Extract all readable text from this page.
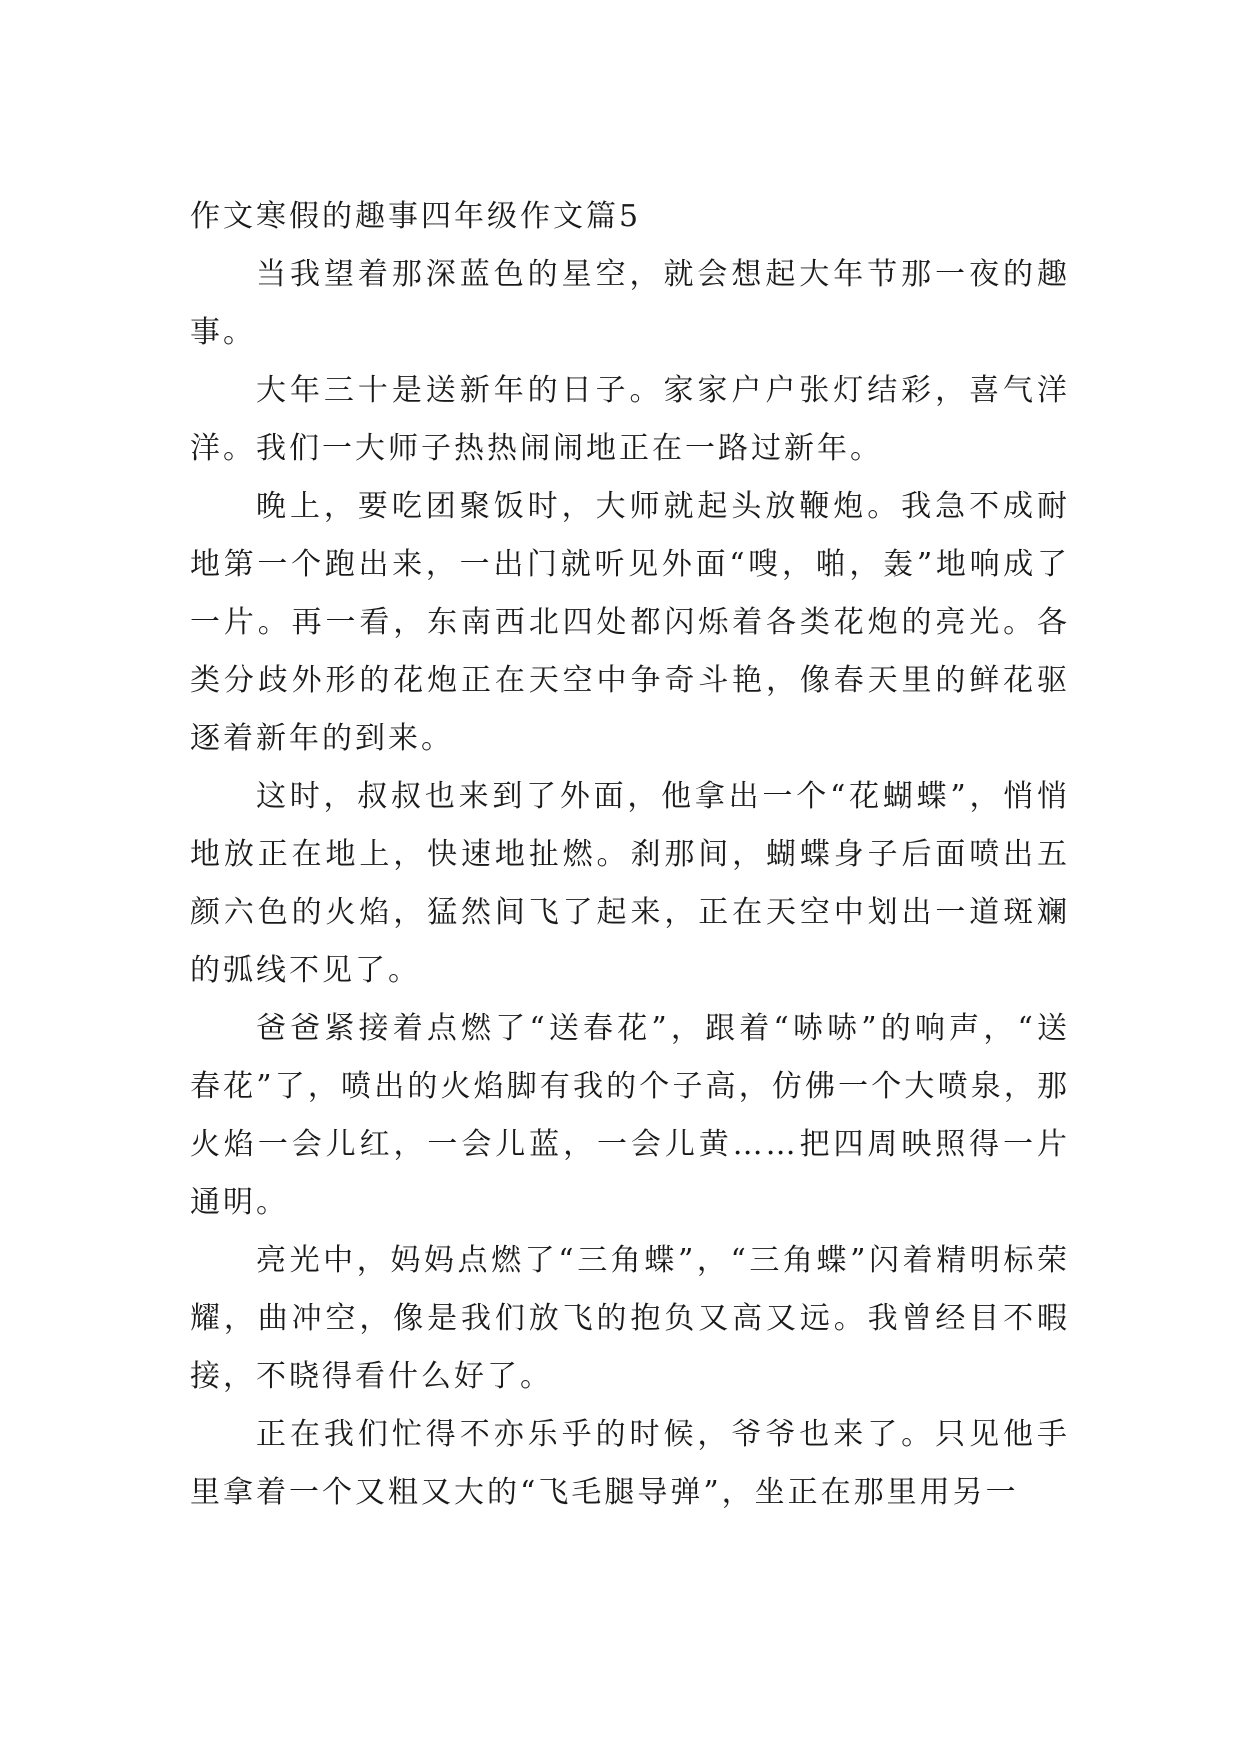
作文寒假的趣事四年级作文篇5

当我望着那深蓝色的星空，就会想起大年节那一夜的趣事。

大年三十是送新年的日子。家家户户张灯结彩，喜气洋洋。我们一大师子热热闹闹地正在一路过新年。

晚上，要吃团聚饭时，大师就起头放鞭炮。我急不成耐地第一个跑出来，一出门就听见外面“嗖，啪，轰”地响成了一片。再一看，东南西北四处都闪烁着各类花炮的亮光。各类分歧外形的花炮正在天空中争奇斗艳，像春天里的鲜花驱逐着新年的到来。

这时，叔叔也来到了外面，他拿出一个“花蝴蝶”，悄悄地放正在地上，快速地扯燃。刹那间，蝴蝶身子后面喷出五颜六色的火焰，猛然间飞了起来，正在天空中划出一道斑斓的弧线不见了。

爸爸紧接着点燃了“送春花”，跟着“哧哧”的响声，“送春花”了，喷出的火焰脚有我的个子高，仿佛一个大喷泉，那火焰一会儿红，一会儿蓝，一会儿黄……把四周映照得一片通明。

亮光中，妈妈点燃了“三角蝶”，“三角蝶”闪着精明标荣耀，曲冲空，像是我们放飞的抱负又高又远。我曾经目不暇接，不晓得看什么好了。

正在我们忙得不亦乐乎的时候，爷爷也来了。只见他手里拿着一个又粗又大的“飞毛腿导弹”，坐正在那里用另一
